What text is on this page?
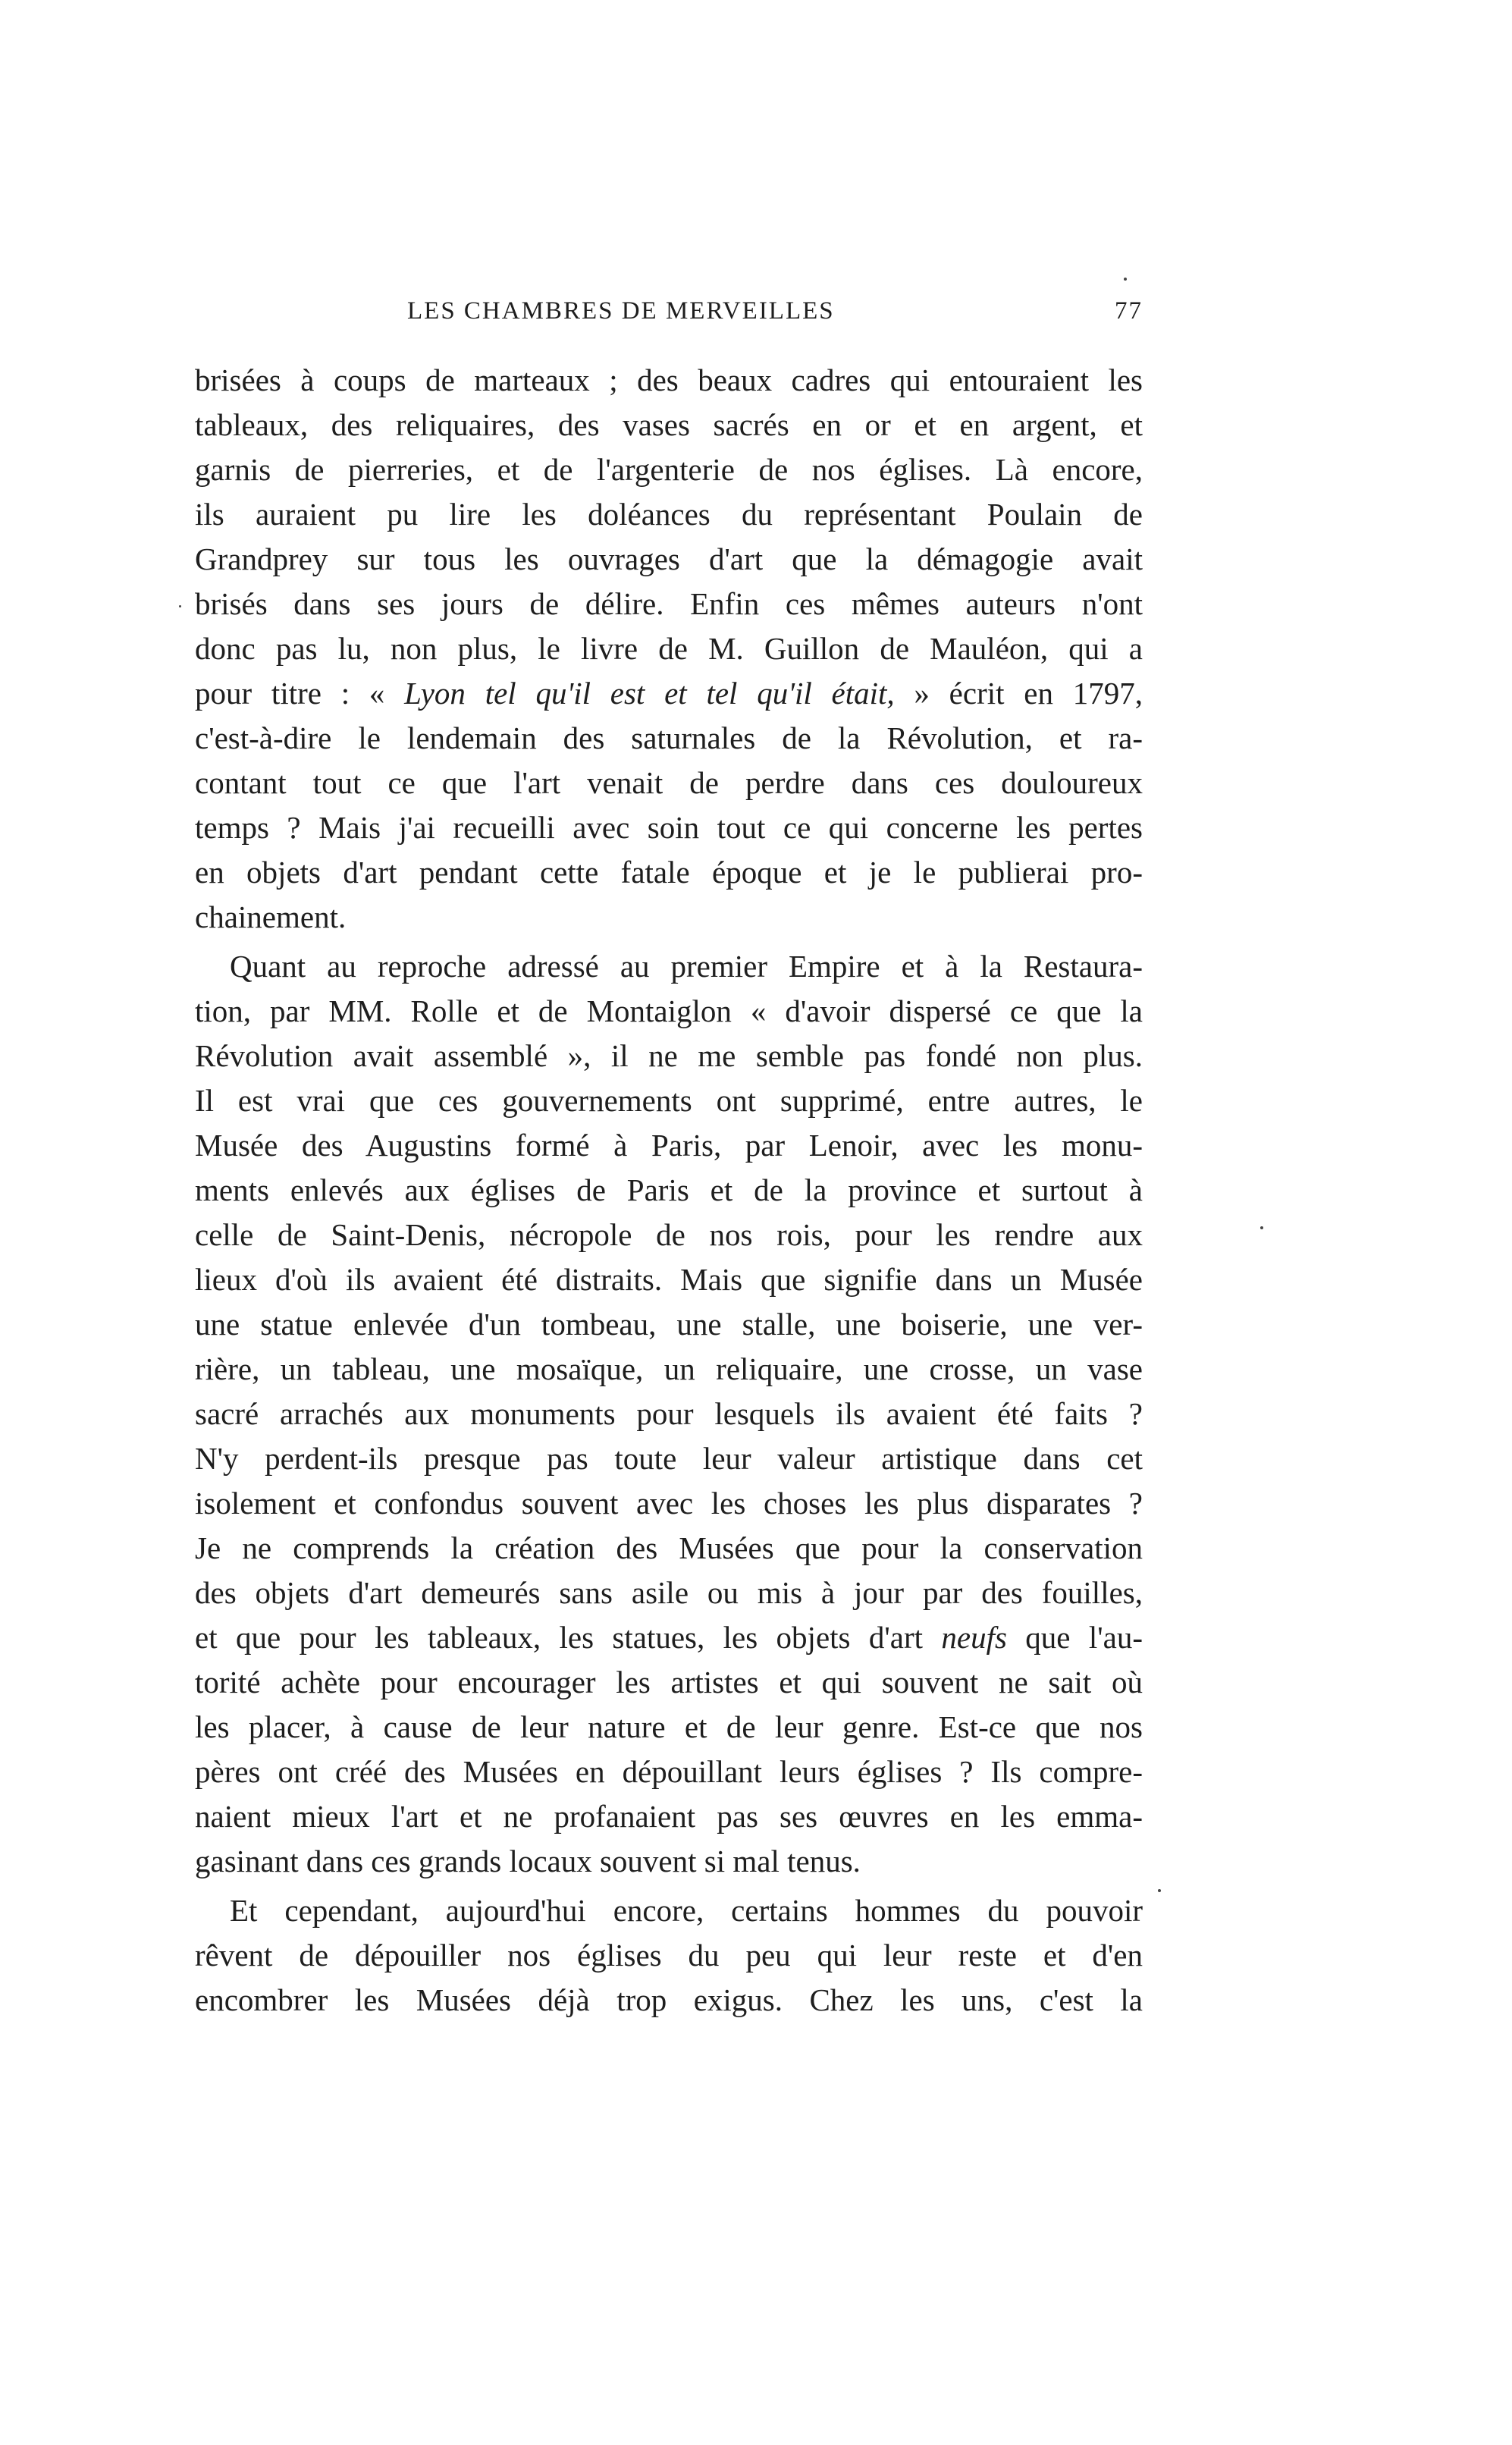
LES CHAMBRES DE MERVEILLES	77
brisées à coups de marteaux ; des beaux cadres qui entouraient les
tableaux, des reliquaires, des vases sacrés en or et en argent, et
garnis de pierreries, et de l'argenterie de nos églises. Là encore,
ils auraient pu lire les doléances du représentant Poulain de
Grandprey sur tous les ouvrages d'art que la démagogie avait
brisés dans ses jours de délire. Enfin ces mêmes auteurs n'ont
donc pas lu, non plus, le livre de M. Guillon de Mauléon, qui a
pour titre : « Lyon tel qu'il est et tel qu'il était, » écrit en 1797,
c'est-à-dire le lendemain des saturnales de la Révolution, et ra-
contant tout ce que l'art venait de perdre dans ces douloureux
temps ? Mais j'ai recueilli avec soin tout ce qui concerne les pertes
en objets d'art pendant cette fatale époque et je le publierai pro-
chainement.
Quant au reproche adressé au premier Empire et à la Restaura-
tion, par MM. Rolle et de Montaiglon « d'avoir dispersé ce que la
Révolution avait assemblé », il ne me semble pas fondé non plus.
Il est vrai que ces gouvernements ont supprimé, entre autres, le
Musée des Augustins formé à Paris, par Lenoir, avec les monu-
ments enlevés aux églises de Paris et de la province et surtout à
celle de Saint-Denis, nécropole de nos rois, pour les rendre aux
lieux d'où ils avaient été distraits. Mais que signifie dans un Musée
une statue enlevée d'un tombeau, une stalle, une boiserie, une ver-
rière, un tableau, une mosaïque, un reliquaire, une crosse, un vase
sacré arrachés aux monuments pour lesquels ils avaient été faits ?
N'y perdent-ils presque pas toute leur valeur artistique dans cet
isolement et confondus souvent avec les choses les plus disparates ?
Je ne comprends la création des Musées que pour la conservation
des objets d'art demeurés sans asile ou mis à jour par des fouilles,
et que pour les tableaux, les statues, les objets d'art neufs que l'au-
torité achète pour encourager les artistes et qui souvent ne sait où
les placer, à cause de leur nature et de leur genre. Est-ce que nos
pères ont créé des Musées en dépouillant leurs églises ? Ils compre-
naient mieux l'art et ne profanaient pas ses œuvres en les emma-
gasinant dans ces grands locaux souvent si mal tenus.
Et cependant, aujourd'hui encore, certains hommes du pouvoir
rêvent de dépouiller nos églises du peu qui leur reste et d'en
encombrer les Musées déjà trop exigus. Chez les uns, c'est la
